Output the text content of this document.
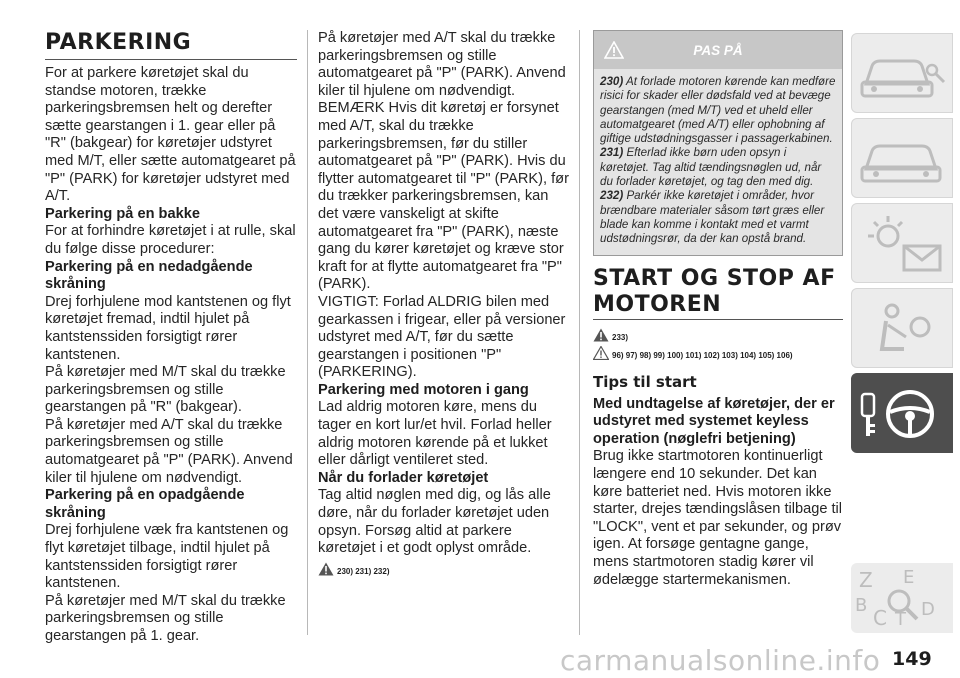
PARKERING

For at parkere køretøjet skal du standse motoren, trække parkeringsbremsen helt og derefter sætte gearstangen i 1. gear eller på "R" (bakgear) for køretøjer udstyret med M/T, eller sætte automatgearet på "P" (PARK) for køretøjer udstyret med A/T.

Parkering på en bakke

For at forhindre køretøjet i at rulle, skal du følge disse procedurer:

Parkering på en nedadgående skråning

Drej forhjulene mod kantstenen og flyt køretøjet fremad, indtil hjulet på kantstenssiden forsigtigt rører kantstenen.

På køretøjer med M/T skal du trække parkeringsbremsen og stille gearstangen på "R" (bakgear).

På køretøjer med A/T skal du trække parkeringsbremsen og stille automatgearet på "P" (PARK). Anvend kiler til hjulene om nødvendigt.

Parkering på en opadgående skråning

Drej forhjulene væk fra kantstenen og flyt køretøjet tilbage, indtil hjulet på kantstenssiden forsigtigt rører kantstenen.

På køretøjer med M/T skal du trække parkeringsbremsen og stille gearstangen på 1. gear.

På køretøjer med A/T skal du trække parkeringsbremsen og stille automatgearet på "P" (PARK). Anvend kiler til hjulene om nødvendigt.

BEMÆRK Hvis dit køretøj er forsynet med A/T, skal du trække parkeringsbremsen, før du stiller automatgearet på "P" (PARK). Hvis du flytter automatgearet til "P" (PARK), før du trækker parkeringsbremsen, kan det være vanskeligt at skifte automatgearet fra "P" (PARK), næste gang du kører køretøjet og kræve stor kraft for at flytte automatgearet fra "P" (PARK).

VIGTIGT: Forlad ALDRIG bilen med gearkassen i frigear, eller på versioner udstyret med A/T, før du sætte gearstangen i positionen "P" (PARKERING).

Parkering med motoren i gang

Lad aldrig motoren køre, mens du tager en kort lur/et hvil. Forlad heller aldrig motoren kørende på et lukket eller dårligt ventileret sted.

Når du forlader køretøjet

Tag altid nøglen med dig, og lås alle døre, når du forlader køretøjet uden opsyn. Forsøg altid at parkere køretøjet i et godt oplyst område.

230) 231) 232)
PAS PÅ

230) At forlade motoren kørende kan medføre risici for skader eller dødsfald ved at bevæge gearstangen (med M/T) ved et uheld eller automatgearet (med A/T) eller ophobning af giftige udstødningsgasser i passagerkabinen.

231) Efterlad ikke børn uden opsyn i køretøjet. Tag altid tændingsnøglen ud, når du forlader køretøjet, og tag den med dig.

232) Parkér ikke køretøjet i områder, hvor brændbare materialer såsom tørt græs eller blade kan komme i kontakt med et varmt udstødningsrør, da der kan opstå brand.

START OG STOP AF MOTOREN
233)
96) 97) 98) 99) 100) 101) 102) 103) 104) 105) 106)
Tips til start
Med undtagelse af køretøjer, der er udstyret med systemet keyless operation (nøglefri betjening)

Brug ikke startmotoren kontinuerligt længere end 10 sekunder. Det kan køre batteriet ned. Hvis motoren ikke starter, drejes tændingslåsen tilbage til "LOCK", vent et par sekunder, og prøv igen. At forsøge gentagne gange, mens startmotoren stadig kører vil ødelægge startermekanismen.	Z E
B
C T D
carmanualsonline.info 149
